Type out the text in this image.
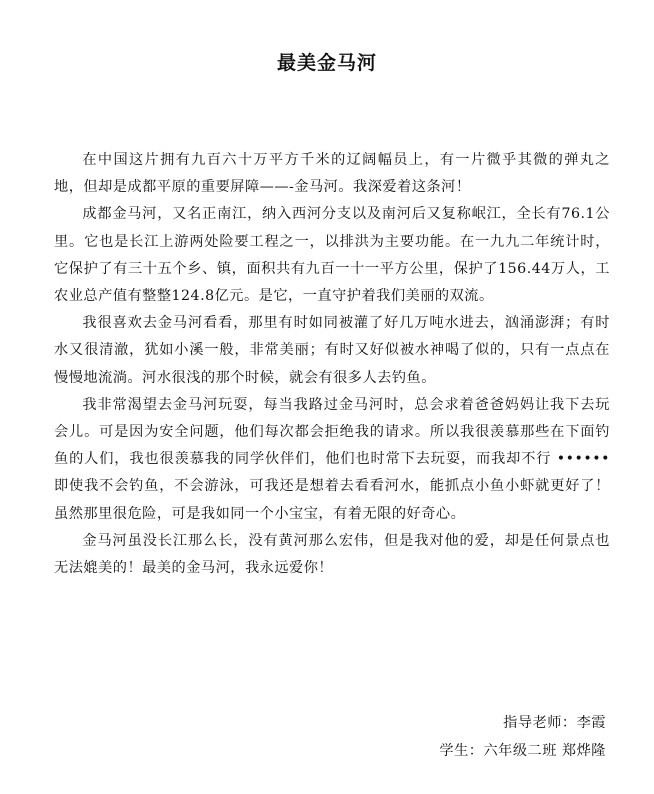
最美金马河

在中国这片拥有九百六十万平方千米的辽阔幅员上，有一片微乎其微的弹丸之地，但却是成都平原的重要屏障——-金马河。我深爱着这条河！

成都金马河，又名正南江，纳入西河分支以及南河后又复称岷江，全长有76.1公里。它也是长江上游两处险要工程之一，以排洪为主要功能。在一九九二年统计时，它保护了有三十五个乡、镇，面积共有九百一十一平方公里，保护了156.44万人，工农业总产值有整整124.8亿元。是它，一直守护着我们美丽的双流。

我很喜欢去金马河看看，那里有时如同被灌了好几万吨水进去，汹涌澎湃；有时水又很清澈，犹如小溪一般，非常美丽；有时又好似被水神喝了似的，只有一点点在慢慢地流淌。河水很浅的那个时候，就会有很多人去钓鱼。

我非常渴望去金马河玩耍，每当我路过金马河时，总会求着爸爸妈妈让我下去玩会儿。可是因为安全问题，他们每次都会拒绝我的请求。所以我很羡慕那些在下面钓鱼的人们，我也很羡慕我的同学伙伴们，他们也时常下去玩耍，而我却不行 •••••• 即使我不会钓鱼，不会游泳，可我还是想着去看看河水，能抓点小鱼小虾就更好了！虽然那里很危险，可是我如同一个小宝宝，有着无限的好奇心。

金马河虽没长江那么长，没有黄河那么宏伟，但是我对他的爱，却是任何景点也无法媲美的！最美的金马河，我永远爱你！

指导老师：李霞
学生：六年级二班 郑烨隆
